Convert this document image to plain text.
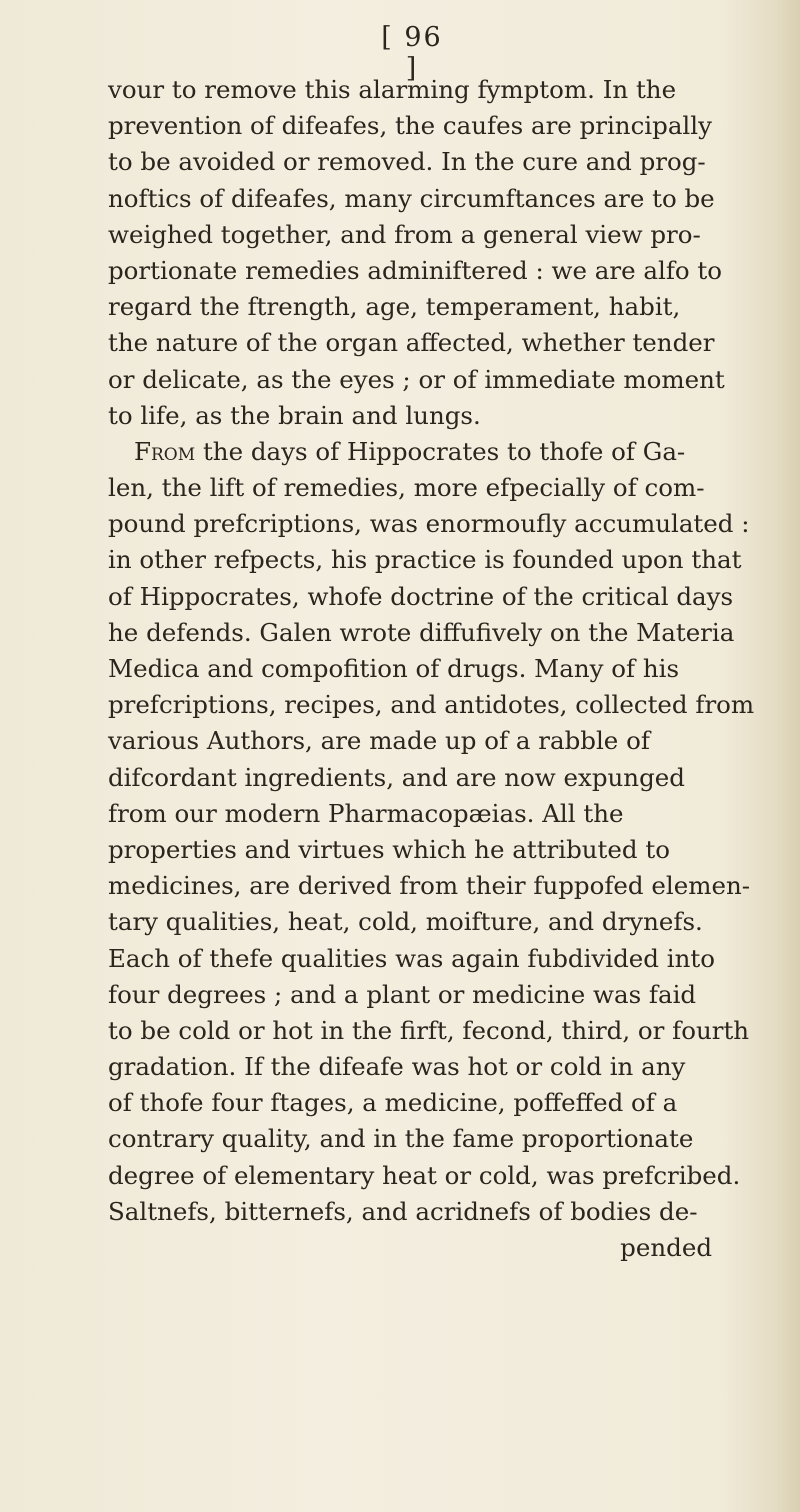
[ 96 ]
vour to remove this alarming fymptom. In the
prevention of difeafes, the caufes are principally
to be avoided or removed. In the cure and prog-
noftics of difeafes, many circumftances are to be
weighed together, and from a general view pro-
portionate remedies adminiftered : we are alfo to
regard the ftrength, age, temperament, habit,
the nature of the organ affected, whether tender
or delicate, as the eyes ; or of immediate moment
to life, as the brain and lungs.
From the days of Hippocrates to thofe of Ga-
len, the lift of remedies, more efpecially of com-
pound prefcriptions, was enormoufly accumulated :
in other refpects, his practice is founded upon that
of Hippocrates, whofe doctrine of the critical days
he defends. Galen wrote diffufively on the Materia
Medica and compofition of drugs. Many of his
prefcriptions, recipes, and antidotes, collected from
various Authors, are made up of a rabble of
difcordant ingredients, and are now expunged
from our modern Pharmacopæias. All the
properties and virtues which he attributed to
medicines, are derived from their fuppofed elemen-
tary qualities, heat, cold, moifture, and drynefs.
Each of thefe qualities was again fubdivided into
four degrees ; and a plant or medicine was faid
to be cold or hot in the firft, fecond, third, or fourth
gradation. If the difeafe was hot or cold in any
of thofe four ftages, a medicine, poffeffed of a
contrary quality, and in the fame proportionate
degree of elementary heat or cold, was prefcribed.
Saltnefs, bitternefs, and acridnefs of bodies de-
pended
